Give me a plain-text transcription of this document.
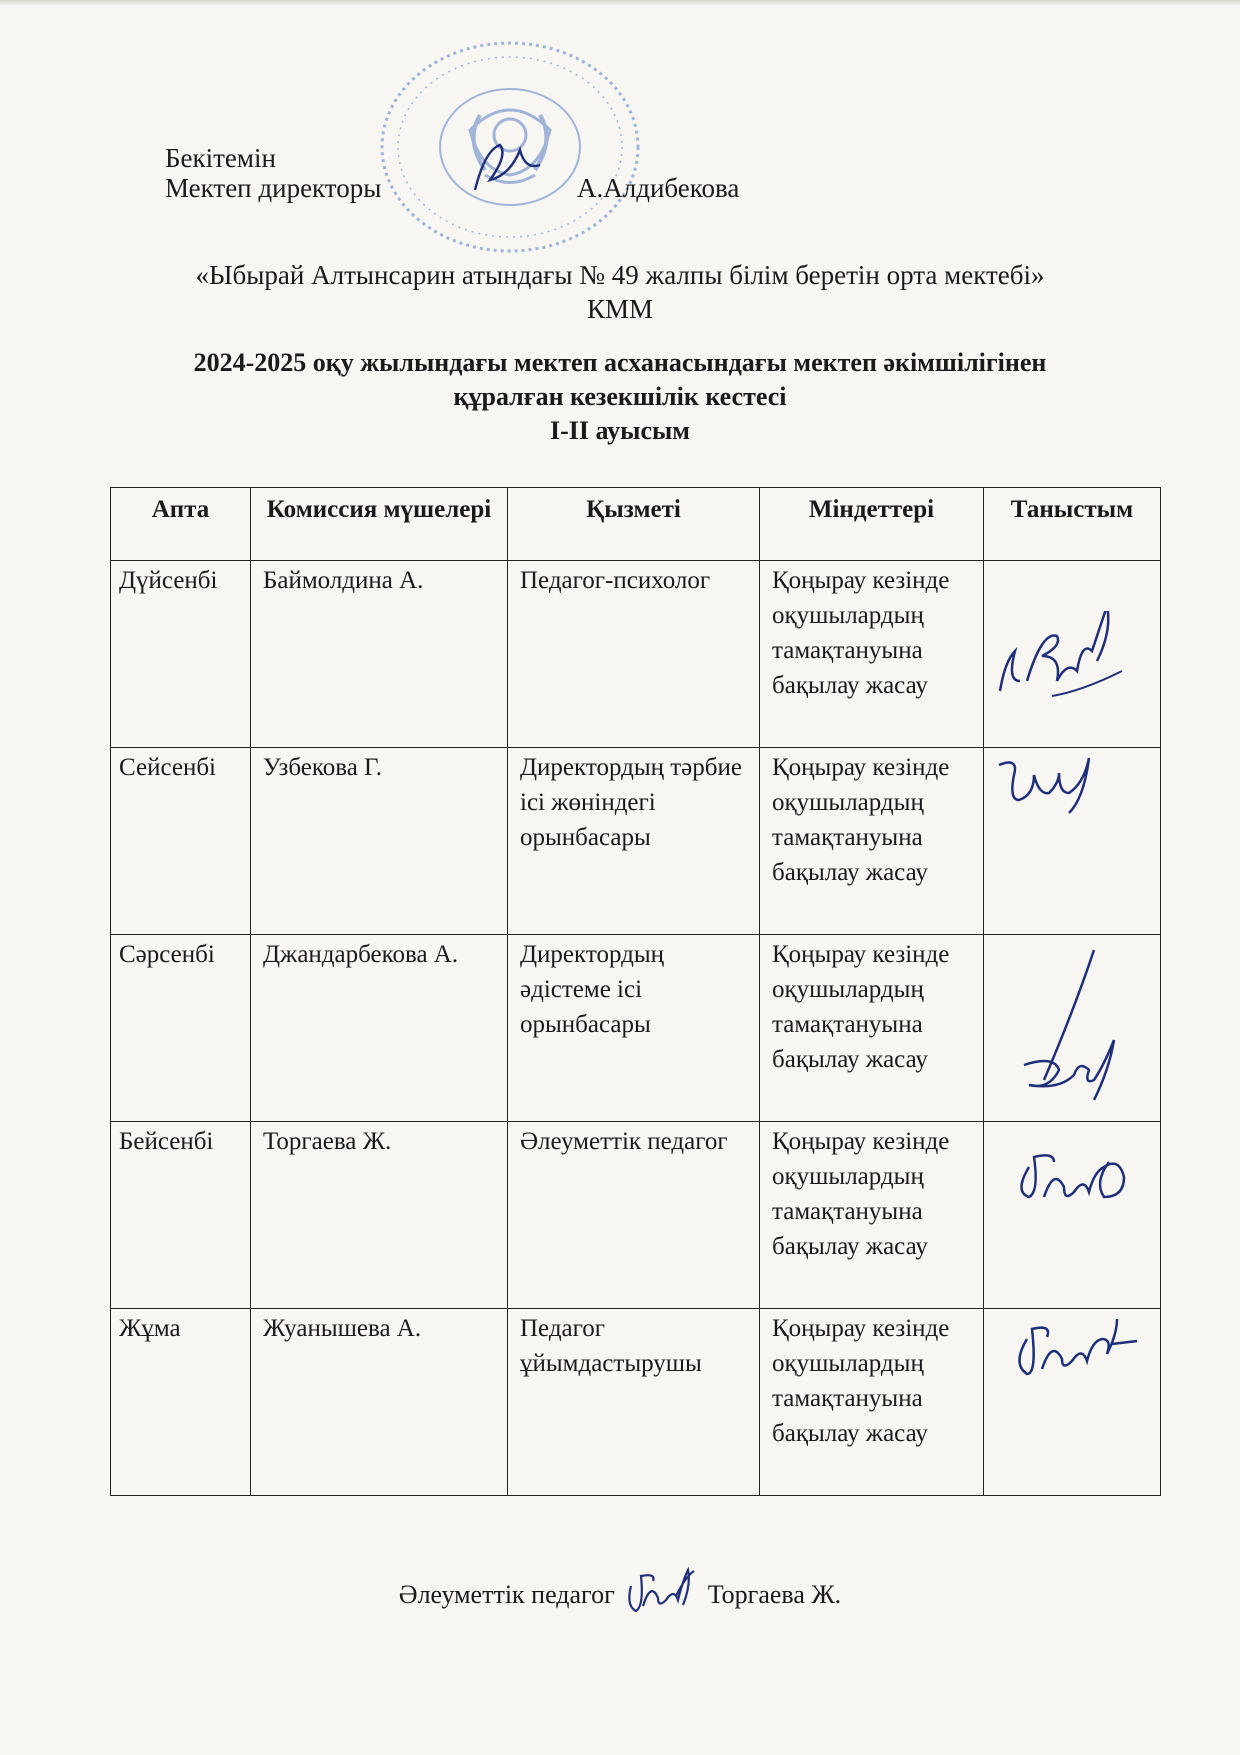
Бекітемін
Мектеп директоры	А.Алдибекова
«Ыбырай Алтынсарин атындағы № 49 жалпы білім беретін орта мектебі»
КММ
2024-2025 оқу жылындағы мектеп асханасындағы мектеп әкімшілігінен
құралған кезекшілік кестесі
I-II ауысым
Апта	Комиссия мүшелері	Қызметі	Міндеттері	Таныстым
Дүйсенбі	Баймолдина А.	Педагог-психолог	Қоңырау кезінде оқушылардың тамақтануына бақылау жасау	

Сейсенбі	Узбекова Г.	Директордың тәрбие ісі жөніндегі орынбасары	Қоңырау кезінде оқушылардың тамақтануына бақылау жасау	

Сәрсенбі	Джандарбекова А.	Директордың әдістеме ісі орынбасары	Қоңырау кезінде оқушылардың тамақтануына бақылау жасау	

Бейсенбі	Торгаева Ж.	Әлеуметтік педагог	Қоңырау кезінде оқушылардың тамақтануына бақылау жасау	

Жұма	Жуанышева А.	Педагог ұйымдастырушы	Қоңырау кезінде оқушылардың тамақтануына бақылау жасау	
Әлеуметтік педагог	Торгаева Ж.
